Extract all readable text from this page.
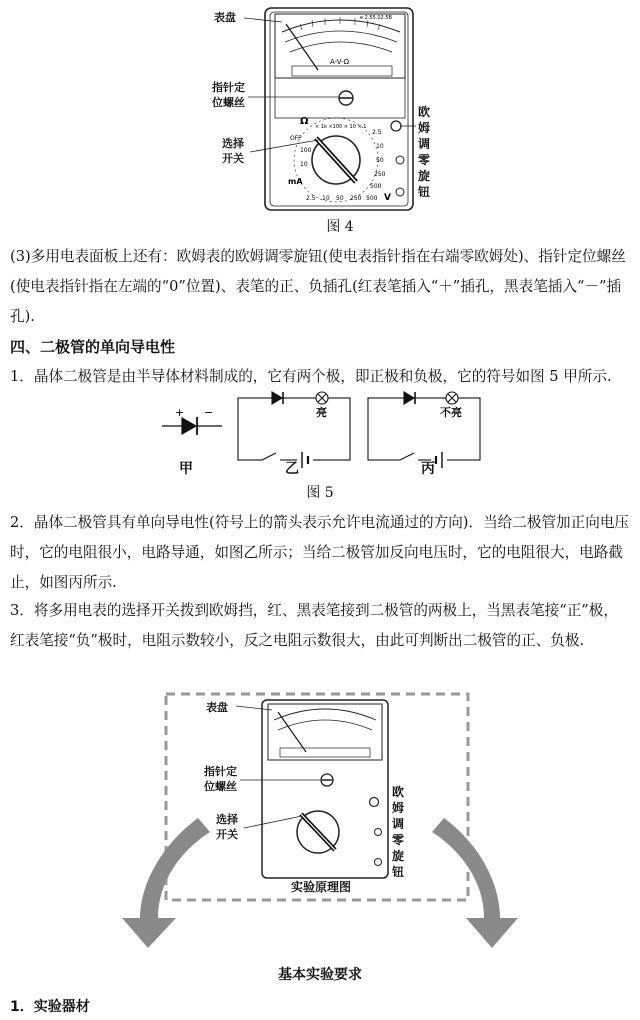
A-V-Ω
e 2.55.02.5B
Ω × 1k ×100 × 10 × 1
OFF
mA
V
10
100
2.5
10
50
250
500
2.5 10 50 250 500
表盘
指针定位螺丝
选择开关
欧姆调零旋钮
图 4
(3)多用电表面板上还有：欧姆表的欧姆调零旋钮(使电表指针指在右端零欧姆处)、指针定位螺丝(使电表指针指在左端的“0”位置)、表笔的正、负插孔(红表笔插入“＋”插孔，黑表笔插入“－”插孔).
四、二极管的单向导电性
1．晶体二极管是由半导体材料制成的，它有两个极，即正极和负极，它的符号如图 5 甲所示.
+ −	亮	不亮
甲	乙	丙
图 5
2．晶体二极管具有单向导电性(符号上的箭头表示允许电流通过的方向)．当给二极管加正向电压时，它的电阻很小，电路导通，如图乙所示；当给二极管加反向电压时，它的电阻很大，电路截止，如图丙所示.
3．将多用电表的选择开关拨到欧姆挡，红、黑表笔接到二极管的两极上，当黑表笔接“正”极，红表笔接“负”极时，电阻示数较小，反之电阻示数很大，由此可判断出二极管的正、负极.
表盘
指针定位螺丝
选择开关
欧姆调零旋钮
实验原理图
基本实验要求
1．实验器材
